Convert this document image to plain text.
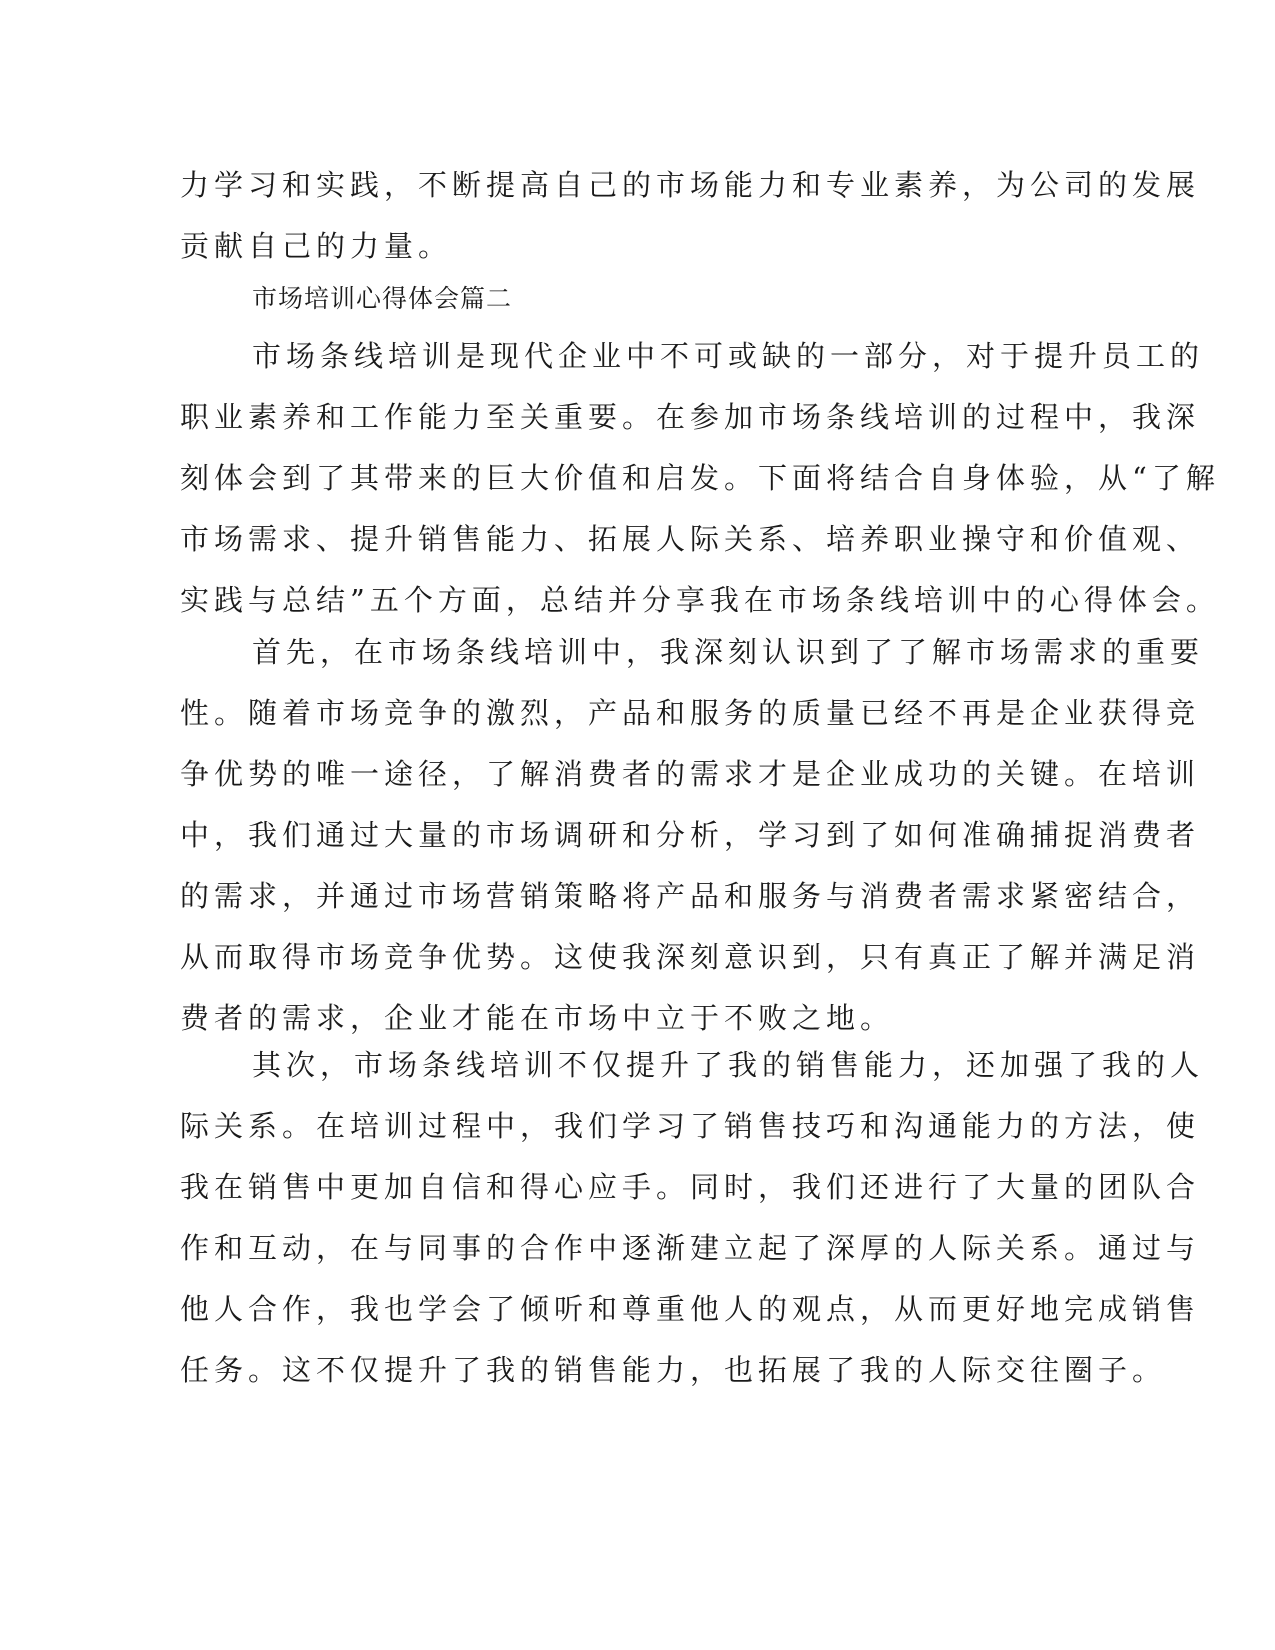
力学习和实践，不断提高自己的市场能力和专业素养，为公司的发展
贡献自己的力量。
市场培训心得体会篇二
市场条线培训是现代企业中不可或缺的一部分，对于提升员工的
职业素养和工作能力至关重要。在参加市场条线培训的过程中，我深
刻体会到了其带来的巨大价值和启发。下面将结合自身体验，从“了解
市场需求、提升销售能力、拓展人际关系、培养职业操守和价值观、
实践与总结”五个方面，总结并分享我在市场条线培训中的心得体会。
首先，在市场条线培训中，我深刻认识到了了解市场需求的重要
性。随着市场竞争的激烈，产品和服务的质量已经不再是企业获得竞
争优势的唯一途径，了解消费者的需求才是企业成功的关键。在培训
中，我们通过大量的市场调研和分析，学习到了如何准确捕捉消费者
的需求，并通过市场营销策略将产品和服务与消费者需求紧密结合，
从而取得市场竞争优势。这使我深刻意识到，只有真正了解并满足消
费者的需求，企业才能在市场中立于不败之地。
其次，市场条线培训不仅提升了我的销售能力，还加强了我的人
际关系。在培训过程中，我们学习了销售技巧和沟通能力的方法，使
我在销售中更加自信和得心应手。同时，我们还进行了大量的团队合
作和互动，在与同事的合作中逐渐建立起了深厚的人际关系。通过与
他人合作，我也学会了倾听和尊重他人的观点，从而更好地完成销售
任务。这不仅提升了我的销售能力，也拓展了我的人际交往圈子。
